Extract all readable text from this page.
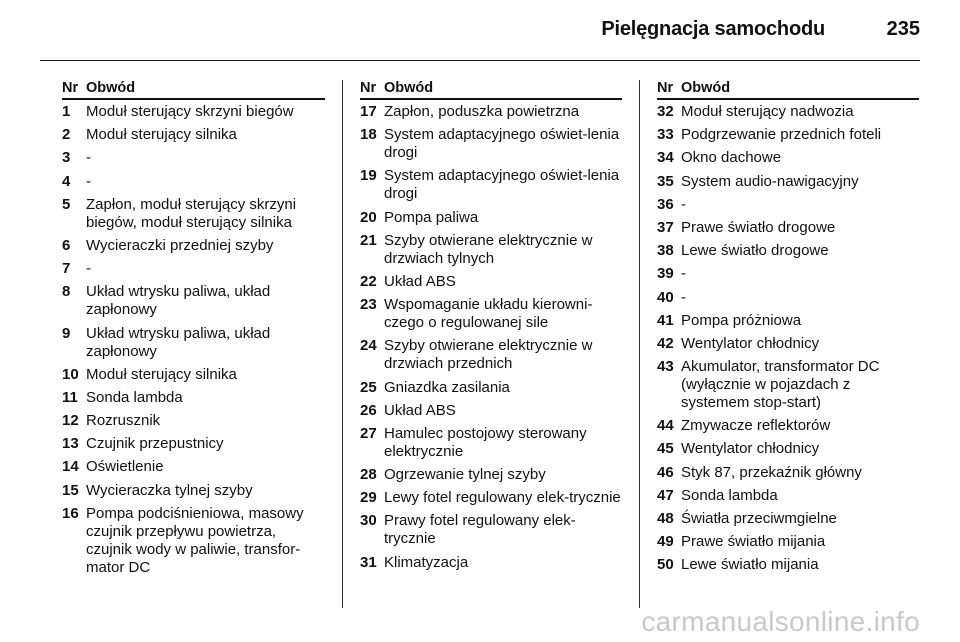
Pielęgnacja samochodu	235
Nr Obwód
1	Moduł sterujący skrzyni biegów
2	Moduł sterujący silnika
3	-
4	-
5	Zapłon, moduł sterujący skrzyni biegów, moduł sterujący silnika
6	Wycieraczki przedniej szyby
7	-
8	Układ wtrysku paliwa, układ zapłonowy
9	Układ wtrysku paliwa, układ zapłonowy
10 Moduł sterujący silnika
11 Sonda lambda
12 Rozrusznik
13 Czujnik przepustnicy
14 Oświetlenie
15 Wycieraczka tylnej szyby
16 Pompa podciśnieniowa, masowy czujnik przepływu powietrza, czujnik wody w paliwie, transfor-mator DC
Nr Obwód
17 Zapłon, poduszka powietrzna
18 System adaptacyjnego oświet-lenia drogi
19 System adaptacyjnego oświet-lenia drogi
20 Pompa paliwa
21 Szyby otwierane elektrycznie w drzwiach tylnych
22 Układ ABS
23 Wspomaganie układu kierowni-czego o regulowanej sile
24 Szyby otwierane elektrycznie w drzwiach przednich
25 Gniazdka zasilania
26 Układ ABS
27 Hamulec postojowy sterowany elektrycznie
28 Ogrzewanie tylnej szyby
29 Lewy fotel regulowany elek-trycznie
30 Prawy fotel regulowany elek-trycznie
31 Klimatyzacja
Nr Obwód
32 Moduł sterujący nadwozia
33 Podgrzewanie przednich foteli
34 Okno dachowe
35 System audio-nawigacyjny
36 -
37 Prawe światło drogowe
38 Lewe światło drogowe
39 -
40 -
41 Pompa próżniowa
42 Wentylator chłodnicy
43 Akumulator, transformator DC (wyłącznie w pojazdach z systemem stop-start)
44 Zmywacze reflektorów
45 Wentylator chłodnicy
46 Styk 87, przekaźnik główny
47 Sonda lambda
48 Światła przeciwmgielne
49 Prawe światło mijania
50 Lewe światło mijania
carmanualsonline.info
